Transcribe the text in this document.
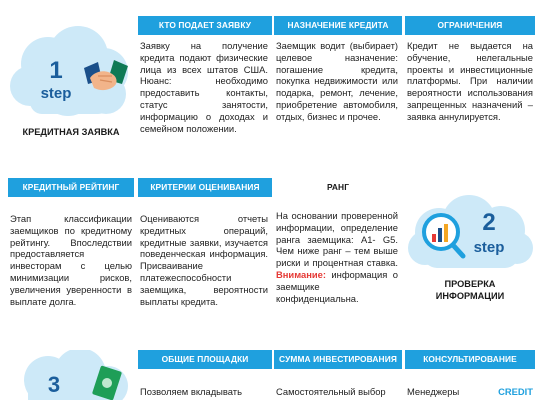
1
step
КРЕДИТНАЯ ЗАЯВКА
КТО ПОДАЕТ ЗАЯВКУ
Заявку на получение кредита подают физические лица из всех штатов США. Нюанс: необходимо предоставить контакты, статус занятости, информацию о доходах и семейном положении.
НАЗНАЧЕНИЕ КРЕДИТА
Заемщик водит (выбирает) целевое назначение: погашение кредита, покупка недвижимости или подарка, ремонт, лечение, приобретение автомобиля, отдых, бизнес и прочее.
ОГРАНИЧЕНИЯ
Кредит не выдается на обучение, нелегальные проекты и инвестиционные платформы. При наличии вероятности использования запрещенных назначений – заявка аннулируется.
КРЕДИТНЫЙ РЕЙТИНГ
Этап классификации заемщиков по кредитному рейтингу. Впоследствии предоставляется инвесторам с целью минимизации рисков, увеличения уверенности в выплате долга.
КРИТЕРИИ ОЦЕНИВАНИЯ
Оцениваются отчеты кредитных операций, кредитные заявки, изучается поведенческая информация. Присваивание платежеспособности заемщика, вероятности выплаты кредита.
РАНГ
На основании проверенной информации, определение ранга заемщика: A1- G5. Чем ниже ранг – тем выше риски и процентная ставка. Внимание: информация о заемщике конфиденциальна.
2
step
ПРОВЕРКА
ИНФОРМАЦИИ
3
ОБЩИЕ ПЛОЩАДКИ
Позволяем вкладывать
СУММА ИНВЕСТИРОВАНИЯ
Самостоятельный выбор
КОНСУЛЬТИРОВАНИЕ
Менеджеры	CREDIT
